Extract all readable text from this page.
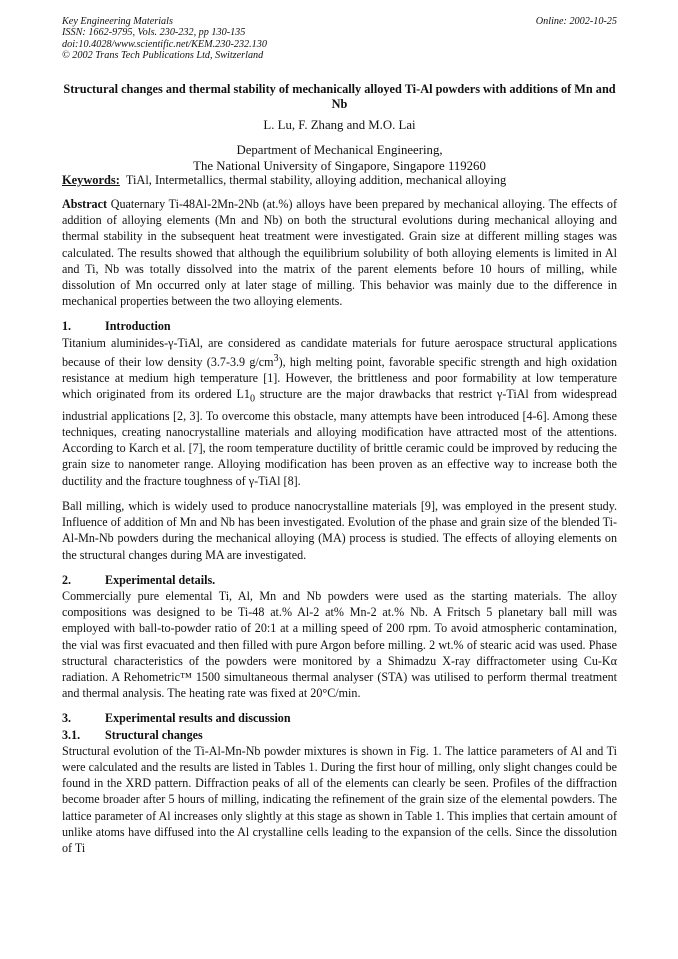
Key Engineering Materials
ISSN: 1662-9795, Vols. 230-232, pp 130-135
doi:10.4028/www.scientific.net/KEM.230-232.130
© 2002 Trans Tech Publications Ltd, Switzerland
Online: 2002-10-25
Structural changes and thermal stability of mechanically alloyed Ti-Al powders with additions of Mn and Nb
L. Lu, F. Zhang and M.O. Lai
Department of Mechanical Engineering,
The National University of Singapore, Singapore 119260
Keywords: TiAl, Intermetallics, thermal stability, alloying addition, mechanical alloying

Abstract Quaternary Ti-48Al-2Mn-2Nb (at.%) alloys have been prepared by mechanical alloying. The effects of addition of alloying elements (Mn and Nb) on both the structural evolutions during mechanical alloying and thermal stability in the subsequent heat treatment were investigated. Grain size at different milling stages was calculated. The results showed that although the equilibrium solubility of both alloying elements is limited in Al and Ti, Nb was totally dissolved into the matrix of the parent elements before 10 hours of milling, while dissolution of Mn occurred only at later stage of milling. This behavior was mainly due to the difference in mechanical properties between the two alloying elements.

1.	Introduction

Titanium aluminides-γ-TiAl, are considered as candidate materials for future aerospace structural applications because of their low density (3.7-3.9 $g/cm^3$), high melting point, favorable specific strength and high oxidation resistance at medium high temperature [1]. However, the brittleness and poor formability at low temperature which originated from its ordered $L1_0$ structure are the major drawbacks that restrict γ-TiAl from widespread industrial applications [2, 3]. To overcome this obstacle, many attempts have been introduced [4-6]. Among these techniques, creating nanocrystalline materials and alloying modification have attracted most of the attentions. According to Karch et al. [7], the room temperature ductility of brittle ceramic could be improved by reducing the grain size to nanometer range. Alloying modification has been proven as an effective way to increase both the ductility and the fracture toughness of γ-TiAl [8].

Ball milling, which is widely used to produce nanocrystalline materials [9], was employed in the present study. Influence of addition of Mn and Nb has been investigated. Evolution of the phase and grain size of the blended Ti-Al-Mn-Nb powders during the mechanical alloying (MA) process is studied. The effects of alloying elements on the structural changes during MA are investigated.

2.	Experimental details.

Commercially pure elemental Ti, Al, Mn and Nb powders were used as the starting materials. The alloy compositions was designed to be Ti-48 at.% Al-2 at% Mn-2 at.% Nb. A Fritsch 5 planetary ball mill was employed with ball-to-powder ratio of 20:1 at a milling speed of 200 rpm. To avoid atmospheric contamination, the vial was first evacuated and then filled with pure Argon before milling. 2 wt.% of stearic acid was used. Phase structural characteristics of the powders were monitored by a Shimadzu X-ray diffractometer using Cu-Kα radiation. A Rehometric™ 1500 simultaneous thermal analyser (STA) was utilised to perform thermal treatment and thermal analysis. The heating rate was fixed at 20°C/min.

3.	Experimental results and discussion
3.1. Structural changes

Structural evolution of the Ti-Al-Mn-Nb powder mixtures is shown in Fig. 1. The lattice parameters of Al and Ti were calculated and the results are listed in Tables 1. During the first hour of milling, only slight changes could be found in the XRD pattern. Diffraction peaks of all of the elements can clearly be seen. Profiles of the diffraction become broader after 5 hours of milling, indicating the refinement of the grain size of the elemental powders. The lattice parameter of Al increases only slightly at this stage as shown in Table 1. This implies that certain amount of unlike atoms have diffused into the Al crystalline cells leading to the expansion of the cells. Since the dissolution of Ti
